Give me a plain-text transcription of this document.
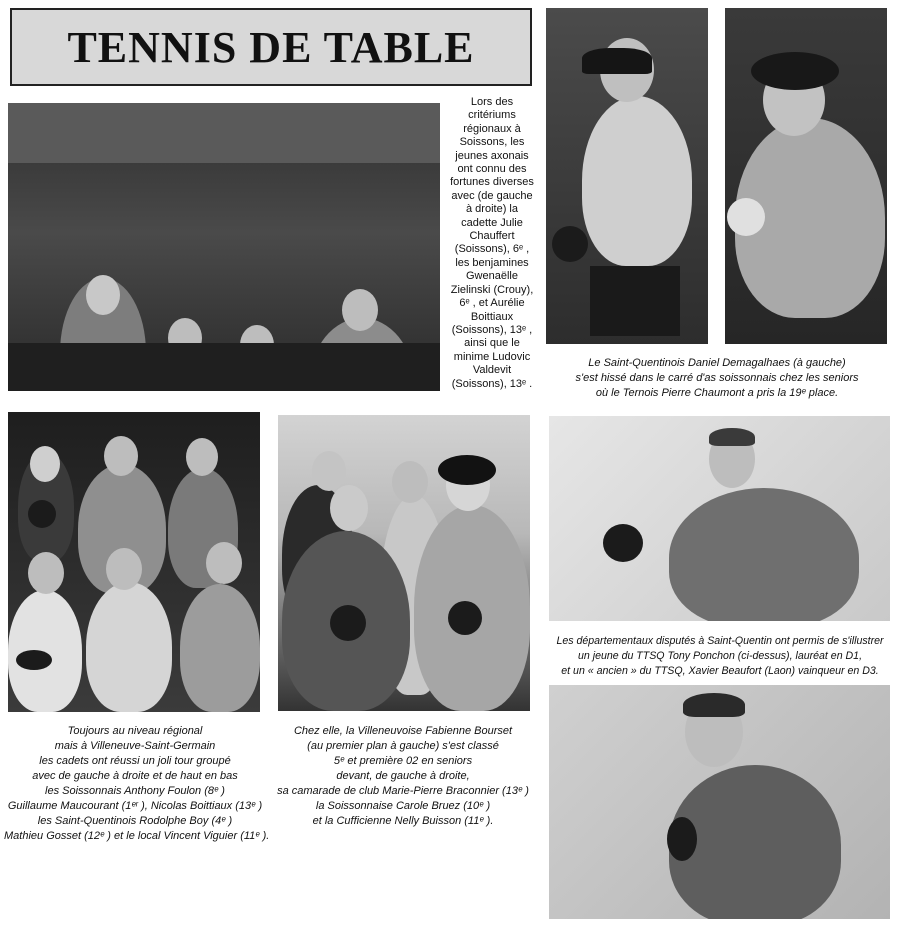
TENNIS DE TABLE
Lors des
critériums
régionaux à
Soissons, les
jeunes axonais
ont connu des
fortunes diverses
avec (de gauche
à droite) la
cadette Julie
Chauffert
(Soissons), 6ᵉ ,
les benjamines
Gwenaëlle
Zielinski (Crouy),
6ᵉ , et Aurélie
Boittiaux
(Soissons), 13ᵉ ,
ainsi que le
minime Ludovic
Valdevit
(Soissons), 13ᵉ .
Le Saint-Quentinois Daniel Demagalhaes (à gauche)
s'est hissé dans le carré d'as soissonnais chez les seniors
où le Ternois Pierre Chaumont a pris la 19ᵉ place.
Toujours au niveau régional
mais à Villeneuve-Saint-Germain
les cadets ont réussi un joli tour groupé
avec de gauche à droite et de haut en bas
les Soissonnais Anthony Foulon (8ᵉ )
Guillaume Maucourant (1ᵉʳ ), Nicolas Boittiaux (13ᵉ )
les Saint-Quentinois Rodolphe Boy (4ᵉ )
Mathieu Gosset (12ᵉ ) et le local Vincent Viguier (11ᵉ ).
Chez elle, la Villeneuvoise Fabienne Bourset
(au premier plan à gauche) s'est classé
5ᵉ et première 02 en seniors
devant, de gauche à droite,
sa camarade de club Marie-Pierre Braconnier (13ᵉ )
la Soissonnaise Carole Bruez (10ᵉ )
et la Cufficienne Nelly Buisson (11ᵉ ).
Les départementaux disputés à Saint-Quentin ont permis de s'illustrer
un jeune du TTSQ Tony Ponchon (ci-dessus), lauréat en D1,
et un « ancien » du TTSQ, Xavier Beaufort (Laon) vainqueur en D3.
